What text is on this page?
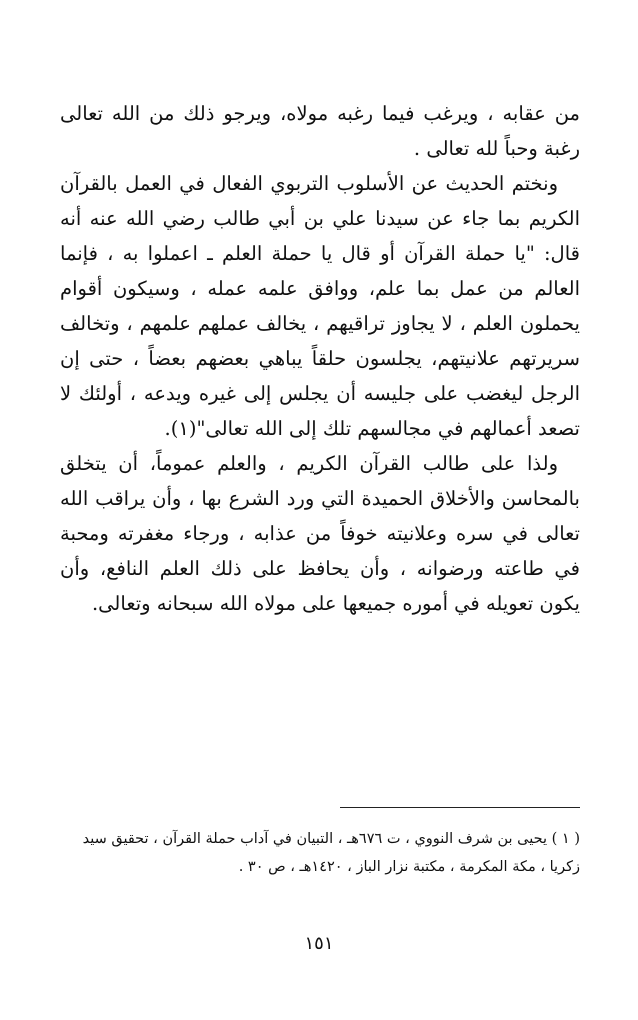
من عقابه ، ويرغب فيما رغبه مولاه، ويرجو ذلك من الله تعالى رغبة وحباً لله تعالى .

ونختم الحديث عن الأسلوب التربوي الفعال في العمل بالقرآن الكريم بما جاء عن سيدنا علي بن أبي طالب رضي الله عنه أنه قال: "يا حملة القرآن أو قال يا حملة العلم ـ اعملوا به ، فإنما العالم من عمل بما علم، ووافق علمه عمله ، وسيكون أقوام يحملون العلم ، لا يجاوز تراقيهم ، يخالف عملهم علمهم ، وتخالف سريرتهم علانيتهم، يجلسون حلقاً يباهي بعضهم بعضاً ، حتى إن الرجل ليغضب على جليسه أن يجلس إلى غيره ويدعه ، أولئك لا تصعد أعمالهم في مجالسهم تلك إلى الله تعالى"(١).

ولذا على طالب القرآن الكريم ، والعلم عموماً، أن يتخلق بالمحاسن والأخلاق الحميدة التي ورد الشرع بها ، وأن يراقب الله تعالى في سره وعلانيته خوفاً من عذابه ، ورجاء مغفرته ومحبة في طاعته ورضوانه ، وأن يحافظ على ذلك العلم النافع، وأن يكون تعويله في أموره جميعها على مولاه الله سبحانه وتعالى.

( ١ ) يحيى بن شرف النووي ، ت ٦٧٦هـ ، التبيان في آداب حملة القرآن ، تحقيق سيد

زكريا ، مكة المكرمة ، مكتبة نزار الباز ، ١٤٢٠هـ ، ص ٣٠ .

١٥١
